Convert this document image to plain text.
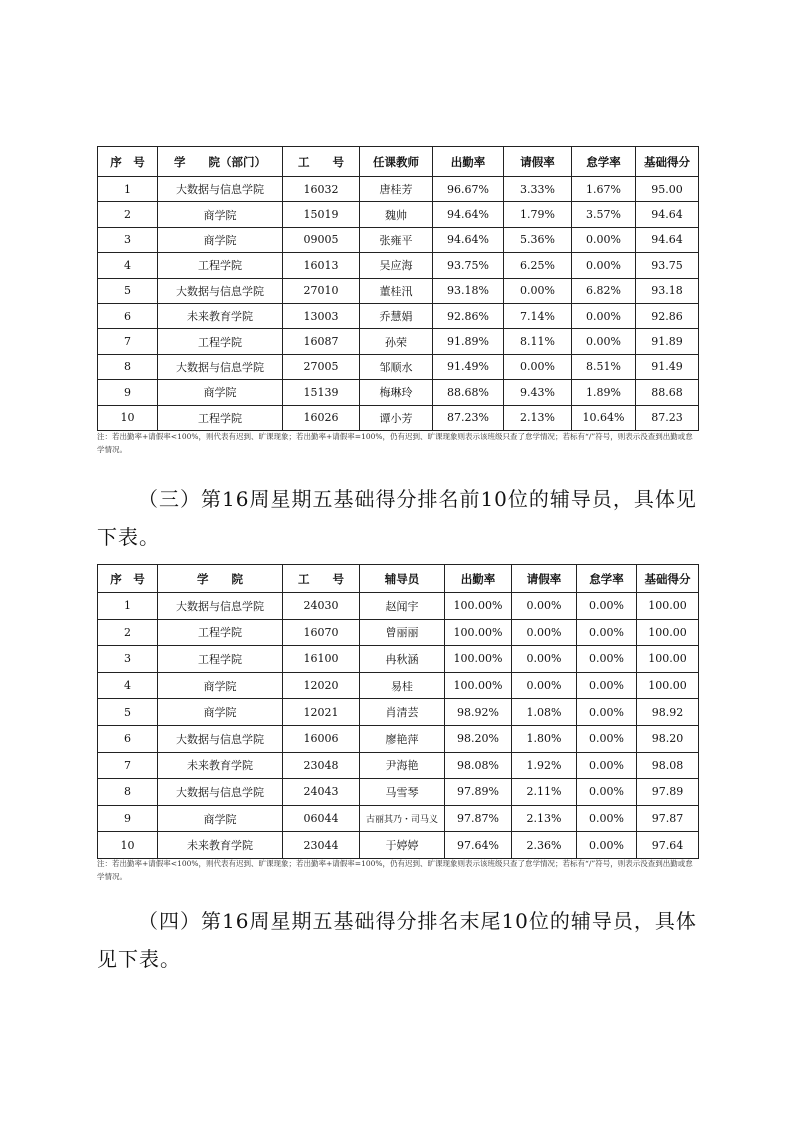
序　号	学　　院（部门）	工　　号	任课教师	出勤率	请假率	怠学率	基础得分
1	大数据与信息学院	16032	唐桂芳	96.67%	3.33%	1.67%	95.00
2	商学院	15019	魏帅	94.64%	1.79%	3.57%	94.64
3	商学院	09005	张雍平	94.64%	5.36%	0.00%	94.64
4	工程学院	16013	吴应海	93.75%	6.25%	0.00%	93.75
5	大数据与信息学院	27010	董桂汛	93.18%	0.00%	6.82%	93.18
6	未来教育学院	13003	乔慧娟	92.86%	7.14%	0.00%	92.86
7	工程学院	16087	孙荣	91.89%	8.11%	0.00%	91.89
8	大数据与信息学院	27005	邹顺水	91.49%	0.00%	8.51%	91.49
9	商学院	15139	梅琳玲	88.68%	9.43%	1.89%	88.68
10	工程学院	16026	谭小芳	87.23%	2.13%	10.64%	87.23
注：若出勤率+请假率<100%，则代表有迟到、旷课现象；若出勤率+请假率=100%，仍有迟到、旷课现象则表示该班级只查了怠学情况；若标有“/”符号，则表示没查到出勤或怠学情况。
（三）第16周星期五基础得分排名前10位的辅导员，具体见下表。
序　号	学　　院	工　　号	辅导员	出勤率	请假率	怠学率	基础得分
1	大数据与信息学院	24030	赵闻宇	100.00%	0.00%	0.00%	100.00
2	工程学院	16070	曾丽丽	100.00%	0.00%	0.00%	100.00
3	工程学院	16100	冉秋涵	100.00%	0.00%	0.00%	100.00
4	商学院	12020	易桂	100.00%	0.00%	0.00%	100.00
5	商学院	12021	肖清芸	98.92%	1.08%	0.00%	98.92
6	大数据与信息学院	16006	廖艳萍	98.20%	1.80%	0.00%	98.20
7	未来教育学院	23048	尹海艳	98.08%	1.92%	0.00%	98.08
8	大数据与信息学院	24043	马雪琴	97.89%	2.11%	0.00%	97.89
9	商学院	06044	古丽其乃・司马义	97.87%	2.13%	0.00%	97.87
10	未来教育学院	23044	于婷婷	97.64%	2.36%	0.00%	97.64
注：若出勤率+请假率<100%，则代表有迟到、旷课现象；若出勤率+请假率=100%，仍有迟到、旷课现象则表示该班级只查了怠学情况；若标有“/”符号，则表示没查到出勤或怠学情况。
（四）第16周星期五基础得分排名末尾10位的辅导员，具体见下表。
